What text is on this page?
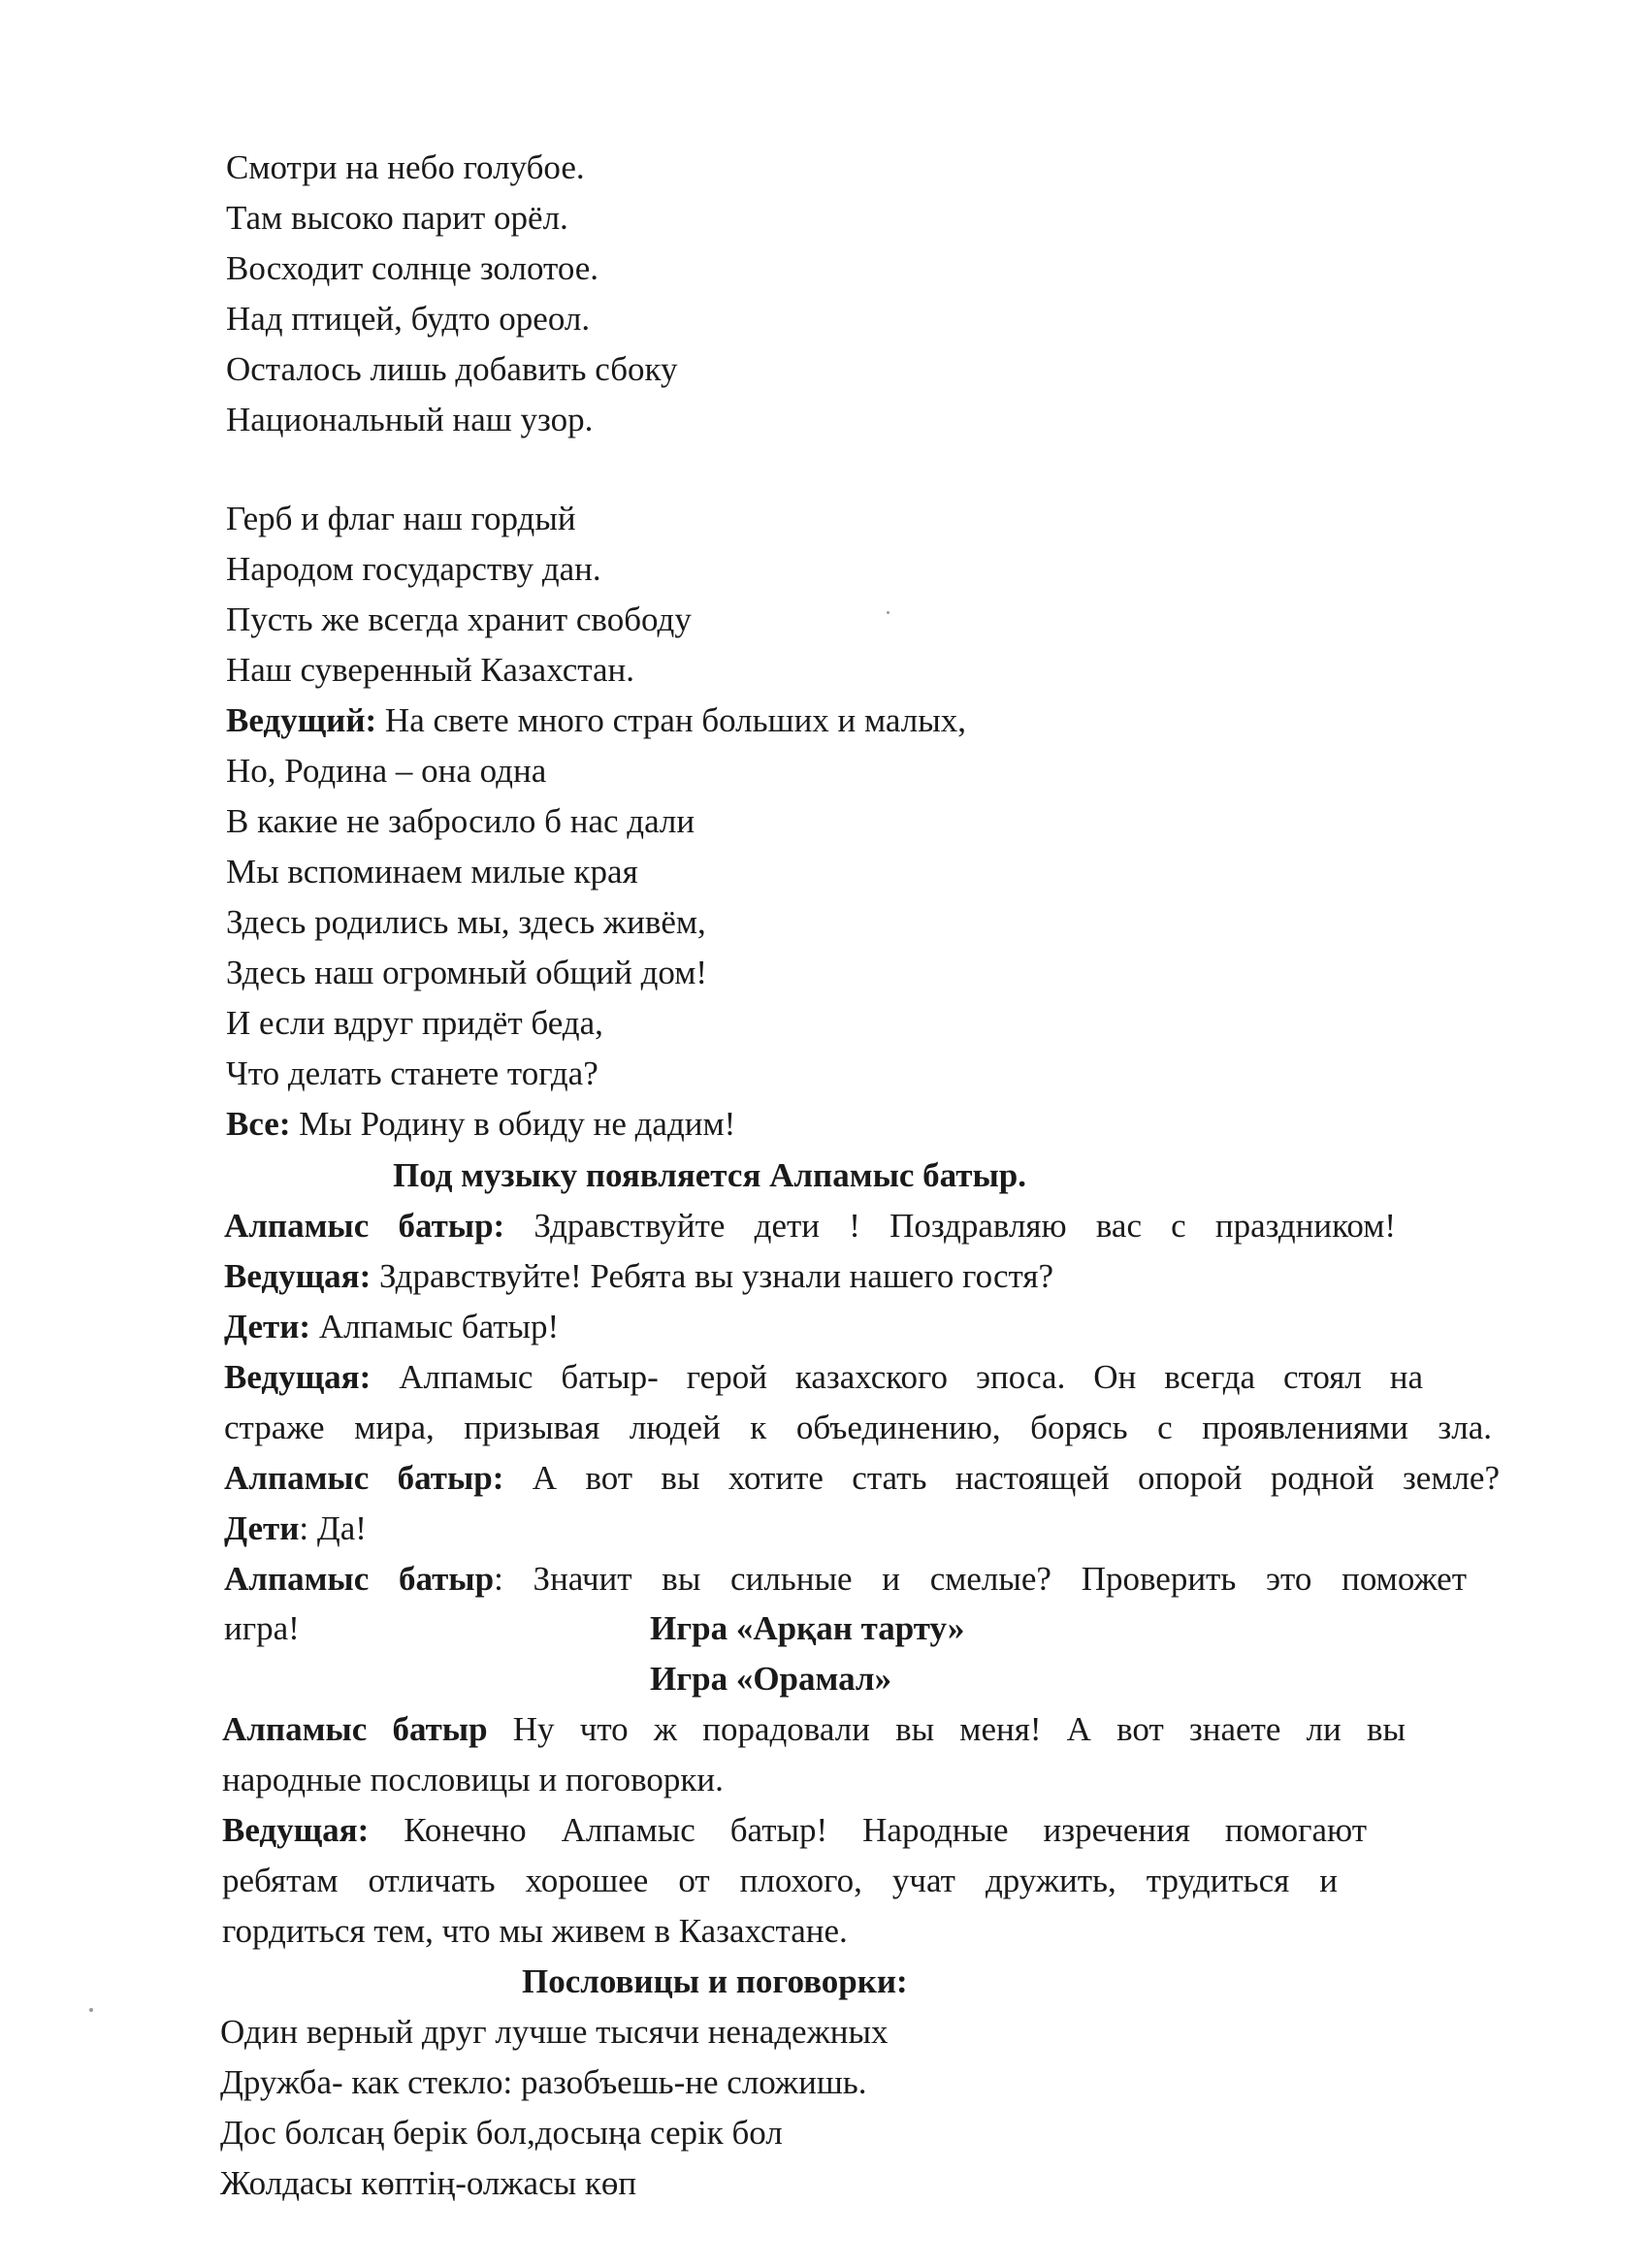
Смотри на небо голубое.

Там высоко парит орёл.

Восходит солнце золотое.

Над птицей, будто ореол.

Осталось лишь добавить сбоку

Национальный наш узор.

Герб и флаг наш гордый

Народом государству дан.

Пусть же всегда хранит свободу

Наш суверенный Казахстан.

Ведущий: На свете много стран больших и малых,

Но, Родина – она одна

В какие не забросило б нас дали

Мы вспоминаем милые края

Здесь родились мы, здесь живём,

Здесь наш огромный общий дом!

И если вдруг придёт беда,

Что делать станете тогда?

Все: Мы Родину в обиду не дадим!

Под музыку появляется Алпамыс батыр.

Алпамыс батыр: Здравствуйте дети ! Поздравляю вас с праздником!

Ведущая: Здравствуйте! Ребята вы узнали нашего гостя?

Дети: Алпамыс батыр!

Ведущая: Алпамыс батыр- герой казахского эпоса. Он всегда стоял на

страже мира, призывая людей к объединению, борясь с проявлениями зла.

Алпамыс батыр: А вот вы хотите стать настоящей опорой родной земле?

Дети: Да!

Алпамыс батыр: Значит вы сильные и смелые? Проверить это поможет

игра!	Игра «Арқан тарту»

Игра «Орамал»

Алпамыс батыр Ну что ж порадовали вы меня! А вот знаете ли вы

народные пословицы и поговорки.

Ведущая: Конечно Алпамыс батыр! Народные изречения помогают

ребятам отличать хорошее от плохого, учат дружить, трудиться и

гордиться тем, что мы живем в Казахстане.

Пословицы и поговорки:

Один верный друг лучше тысячи ненадежных

Дружба- как стекло: разобъешь-не сложишь.

Дос болсаң берік бол,досыңа серік бол

Жолдасы көптің-олжасы көп
